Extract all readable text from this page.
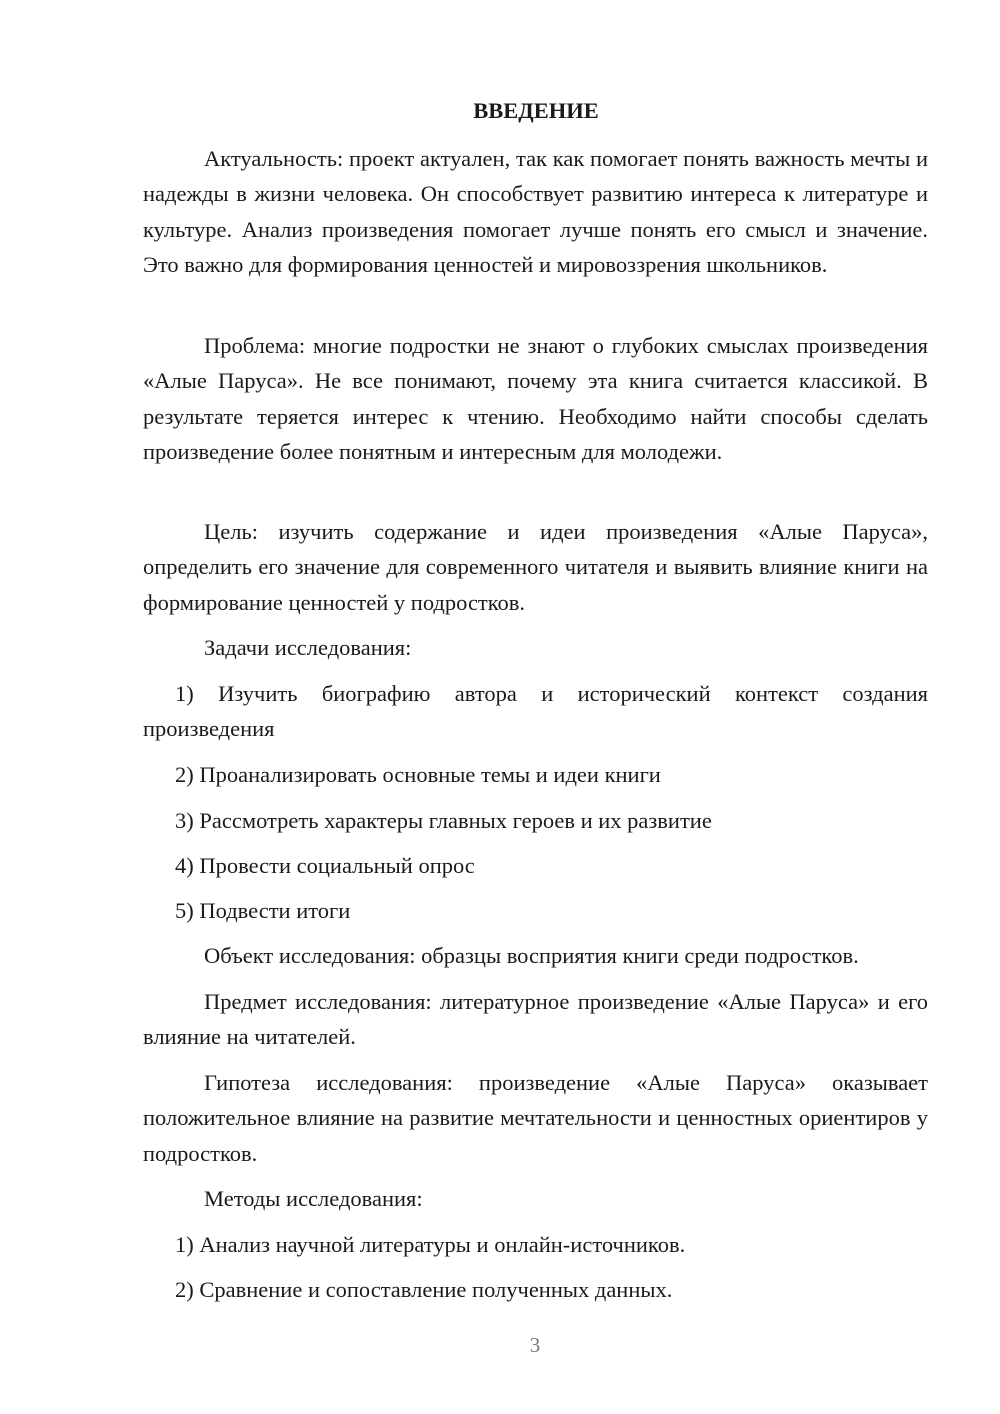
ВВЕДЕНИЕ

Актуальность: проект актуален, так как помогает понять важность мечты и надежды в жизни человека. Он способствует развитию интереса к литературе и культуре. Анализ произведения помогает лучше понять его смысл и значение. Это важно для формирования ценностей и мировоззрения школьников.

Проблема: многие подростки не знают о глубоких смыслах произведения «Алые Паруса». Не все понимают, почему эта книга считается классикой. В результате теряется интерес к чтению. Необходимо найти способы сделать произведение более понятным и интересным для молодежи.

Цель: изучить содержание и идеи произведения «Алые Паруса», определить его значение для современного читателя и выявить влияние книги на формирование ценностей у подростков.

Задачи исследования:

1) Изучить биографию автора и исторический контекст создания произведения

2) Проанализировать основные темы и идеи книги

3) Рассмотреть характеры главных героев и их развитие

4) Провести социальный опрос

5) Подвести итоги

Объект исследования: образцы восприятия книги среди подростков.

Предмет исследования: литературное произведение «Алые Паруса» и его влияние на читателей.

Гипотеза исследования: произведение «Алые Паруса» оказывает положительное влияние на развитие мечтательности и ценностных ориентиров у подростков.

Методы исследования:

1) Анализ научной литературы и онлайн-источников.

2) Сравнение и сопоставление полученных данных.

3
